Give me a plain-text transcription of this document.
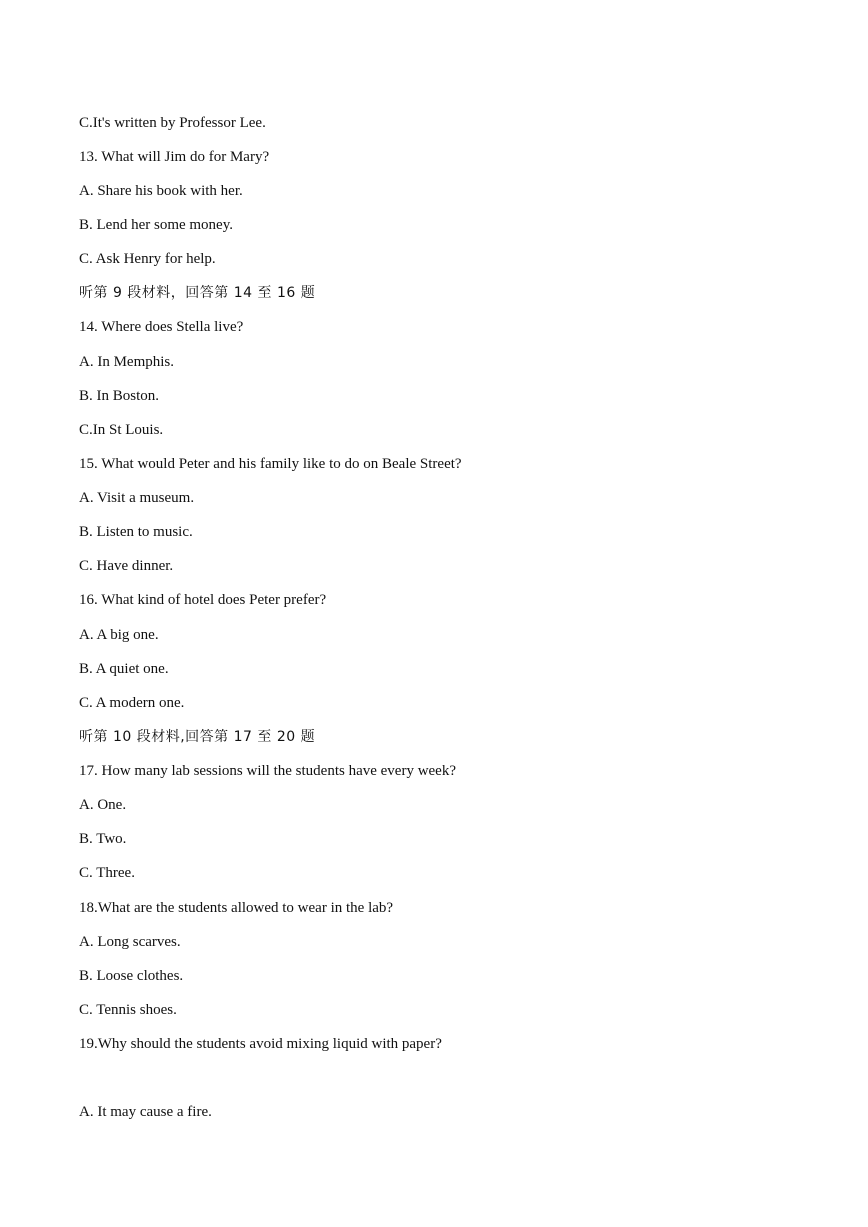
C.It's written by Professor Lee.
13. What will Jim do for Mary?
A. Share his book with her.
B. Lend her some money.
C. Ask Henry for help.
听第 9 段材料，回答第 14 至 16 题
14. Where does Stella live?
A. In Memphis.
B. In Boston.
C.In St Louis.
15. What would Peter and his family like to do on Beale Street?
A. Visit a museum.
B. Listen to music.
C. Have dinner.
16. What kind of hotel does Peter prefer?
A. A big one.
B. A quiet one.
C. A modern one.
听第 10 段材料,回答第 17 至 20 题
17. How many lab sessions will the students have every week?
A. One.
B. Two.
C. Three.
18.What are the students allowed to wear in the lab?
A. Long scarves.
B. Loose clothes.
C. Tennis shoes.
19.Why should the students avoid mixing liquid with paper?
A. It may cause a fire.
